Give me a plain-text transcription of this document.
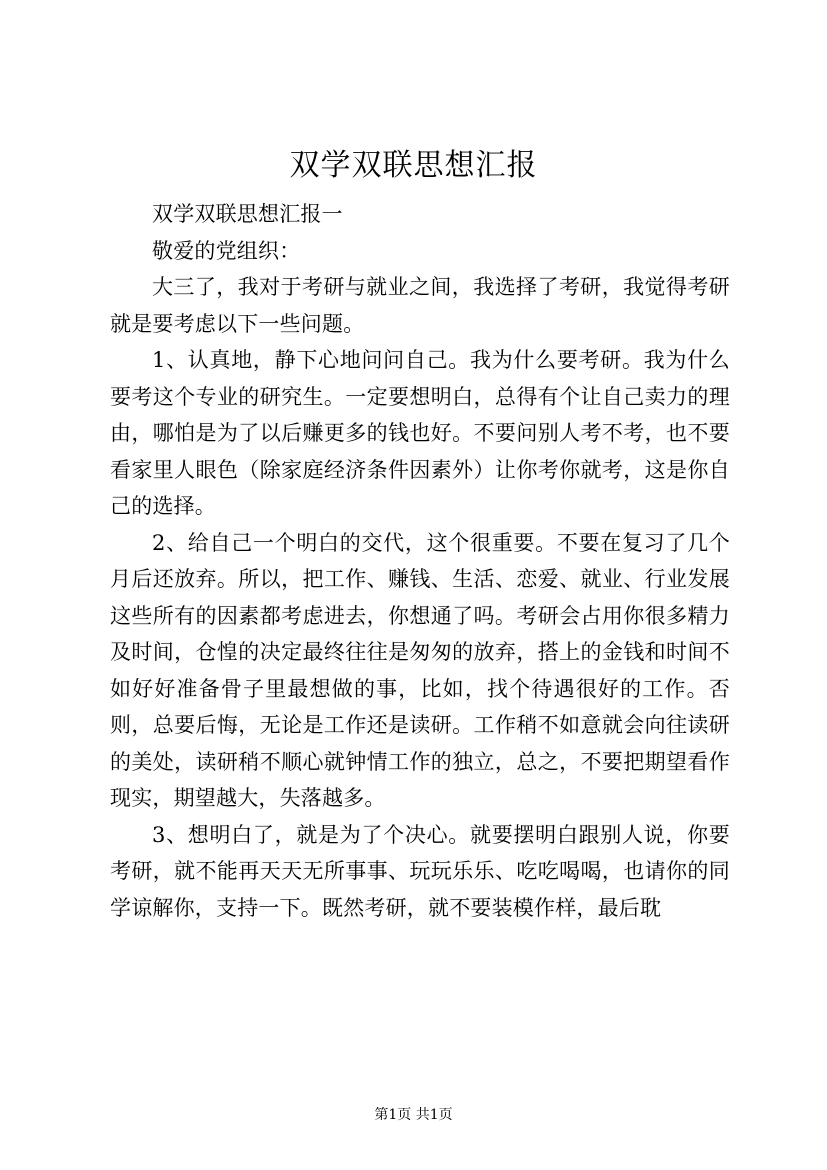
双学双联思想汇报

双学双联思想汇报一

敬爱的党组织：

大三了，我对于考研与就业之间，我选择了考研，我觉得考研就是要考虑以下一些问题。

1、认真地，静下心地问问自己。我为什么要考研。我为什么要考这个专业的研究生。一定要想明白，总得有个让自己卖力的理由，哪怕是为了以后赚更多的钱也好。不要问别人考不考，也不要看家里人眼色（除家庭经济条件因素外）让你考你就考，这是你自己的选择。

2、给自己一个明白的交代，这个很重要。不要在复习了几个月后还放弃。所以，把工作、赚钱、生活、恋爱、就业、行业发展这些所有的因素都考虑进去，你想通了吗。考研会占用你很多精力及时间，仓惶的决定最终往往是匆匆的放弃，搭上的金钱和时间不如好好准备骨子里最想做的事，比如，找个待遇很好的工作。否则，总要后悔，无论是工作还是读研。工作稍不如意就会向往读研的美处，读研稍不顺心就钟情工作的独立，总之，不要把期望看作现实，期望越大，失落越多。

3、想明白了，就是为了个决心。就要摆明白跟别人说，你要考研，就不能再天天无所事事、玩玩乐乐、吃吃喝喝，也请你的同学谅解你，支持一下。既然考研，就不要装模作样，最后耽

第1页 共1页
